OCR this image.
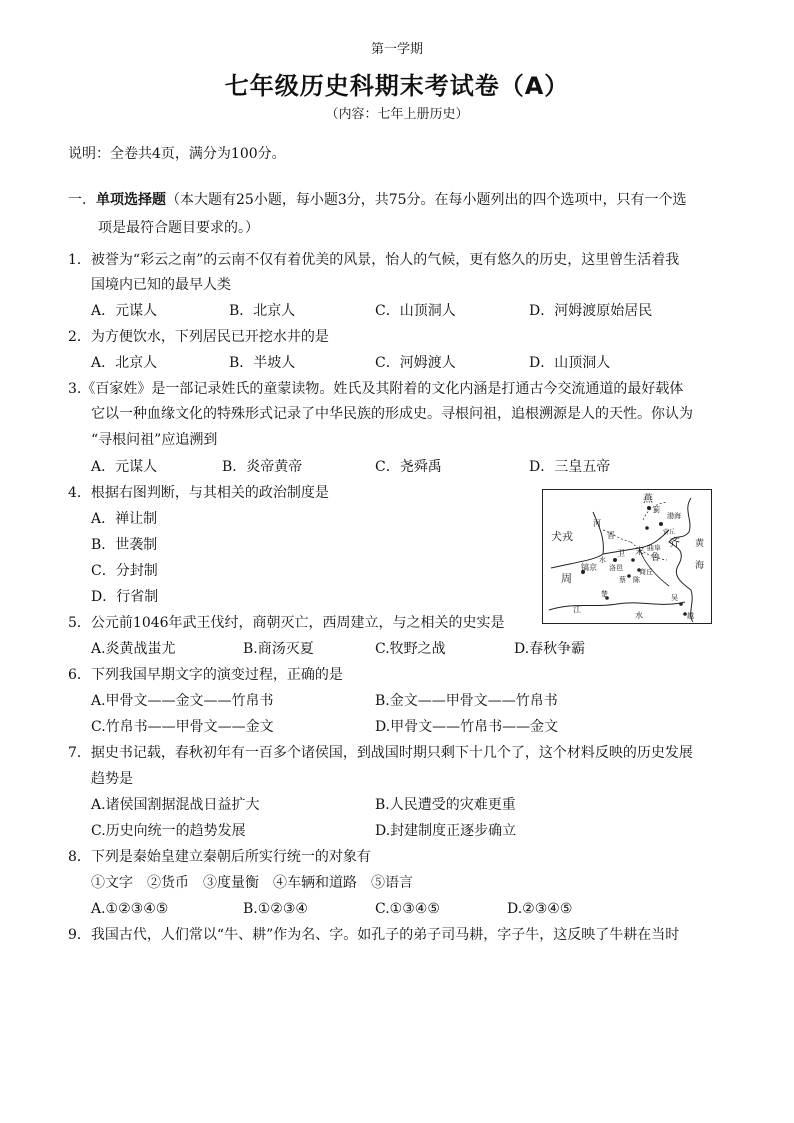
第一学期
七年级历史科期末考试卷（A）
（内容：七年上册历史）
说明：全卷共4页，满分为100分。
一．单项选择题（本大题有25小题，每小题3分，共75分。在每小题列出的四个选项中，只有一个选
项是最符合题目要求的。）
1．被誉为“彩云之南”的云南不仅有着优美的风景，怡人的气候，更有悠久的历史，这里曾生活着我
国境内已知的最早人类
A．元谋人	B．北京人	C．山顶洞人	D．河姆渡原始居民
2．为方便饮水，下列居民已开挖水井的是
A．北京人	B．半坡人	C．河姆渡人	D．山顶洞人
3.《百家姓》是一部记录姓氏的童蒙读物。姓氏及其附着的文化内涵是打通古今交流通道的最好载体
它以一种血缘文化的特殊形式记录了中华民族的形成史。寻根问祖，追根溯源是人的天性。你认为
“寻根问祖”应追溯到
A．元谋人	B．炎帝黄帝	C．尧舜禹	D．三皇五帝
4．根据右图判断，与其相关的政治制度是
A．禅让制
B．世袭制
C．分封制
D．行省制
燕
蓟
渤海
犬戎
河
晋
卫
曲阜
鲁
齐 黄
海
宋
水
镐京 洛邑 商丘
陈
蔡
周
楚
江
水
吴
越
营丘
5．公元前1046年武王伐纣，商朝灭亡，西周建立，与之相关的史实是
A.炎黄战蚩尤	B.商汤灭夏	C.牧野之战	D.春秋争霸
6．下列我国早期文字的演变过程，正确的是
A.甲骨文——金文——竹帛书	B.金文——甲骨文——竹帛书
C.竹帛书——甲骨文——金文	D.甲骨文——竹帛书——金文
7．据史书记载，春秋初年有一百多个诸侯国，到战国时期只剩下十几个了，这个材料反映的历史发展
趋势是
A.诸侯国割据混战日益扩大	B.人民遭受的灾难更重
C.历史向统一的趋势发展	D.封建制度正逐步确立
8．下列是秦始皇建立秦朝后所实行统一的对象有
①文字　②货币　③度量衡　④车辆和道路　⑤语言
A.①②③④⑤	B.①②③④	C.①③④⑤	D.②③④⑤
9．我国古代，人们常以“牛、耕”作为名、字。如孔子的弟子司马耕，字子牛，这反映了牛耕在当时
